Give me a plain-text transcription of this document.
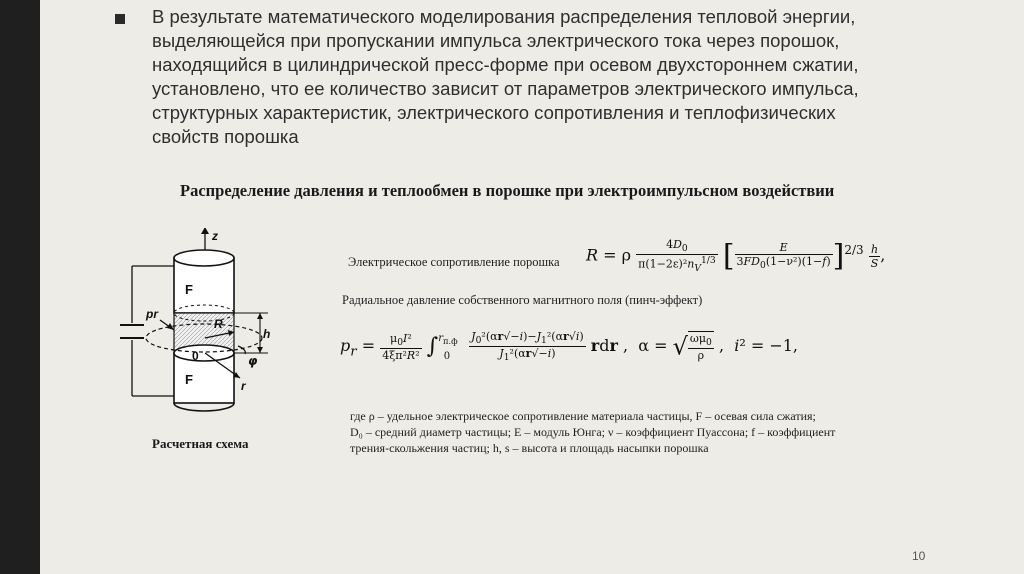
В результате математического моделирования распределения тепловой энергии,
выделяющейся при пропускании импульса электрического тока через порошок,
находящийся в цилиндрической пресс-форме при осевом двухстороннем сжатии,
установлено, что ее количество зависит от параметров электрического импульса,
структурных характеристик, электрического сопротивления и теплофизических
свойств порошка

Распределение давления и теплообмен в порошке при электроимпульсном воздействии
z
F
F
pr
R
h
0	φ
r
Электрическое сопротивление порошка R = ρ $\frac{4D_0}{\pi(1-2\varepsilon)^2n_V^{1/3}}$ [ $\frac{E}{3FD_0(1-\nu^2)(1-f)} ]^{2/3} \frac{h}{S}$ ,
Радиальное давление собственного магнитного поля (пинч-эффект)
$p_r = \frac{\mu_0I^2}{\text{4ξπ²R²}} \int^{r_{п.ф}}_0 \frac{J_0^2(\alpha r√-i)-J_1^2(\alpha r√i)}{J_1^2(\alpha r√-i)}$ rdr ,  α = √ $\frac{\omega\mu_0}{\rho}$ ,  i² = −1,

где ρ – удельное электрическое сопротивление материала частицы, F – осевая сила сжатия;

D₀ – средний диаметр частицы; E – модуль Юнга; ν – коэффициент Пуассона; f – коэффициент

трения-скольжения частиц; h, s – высота и площадь насыпки порошка

Расчетная схема
10
